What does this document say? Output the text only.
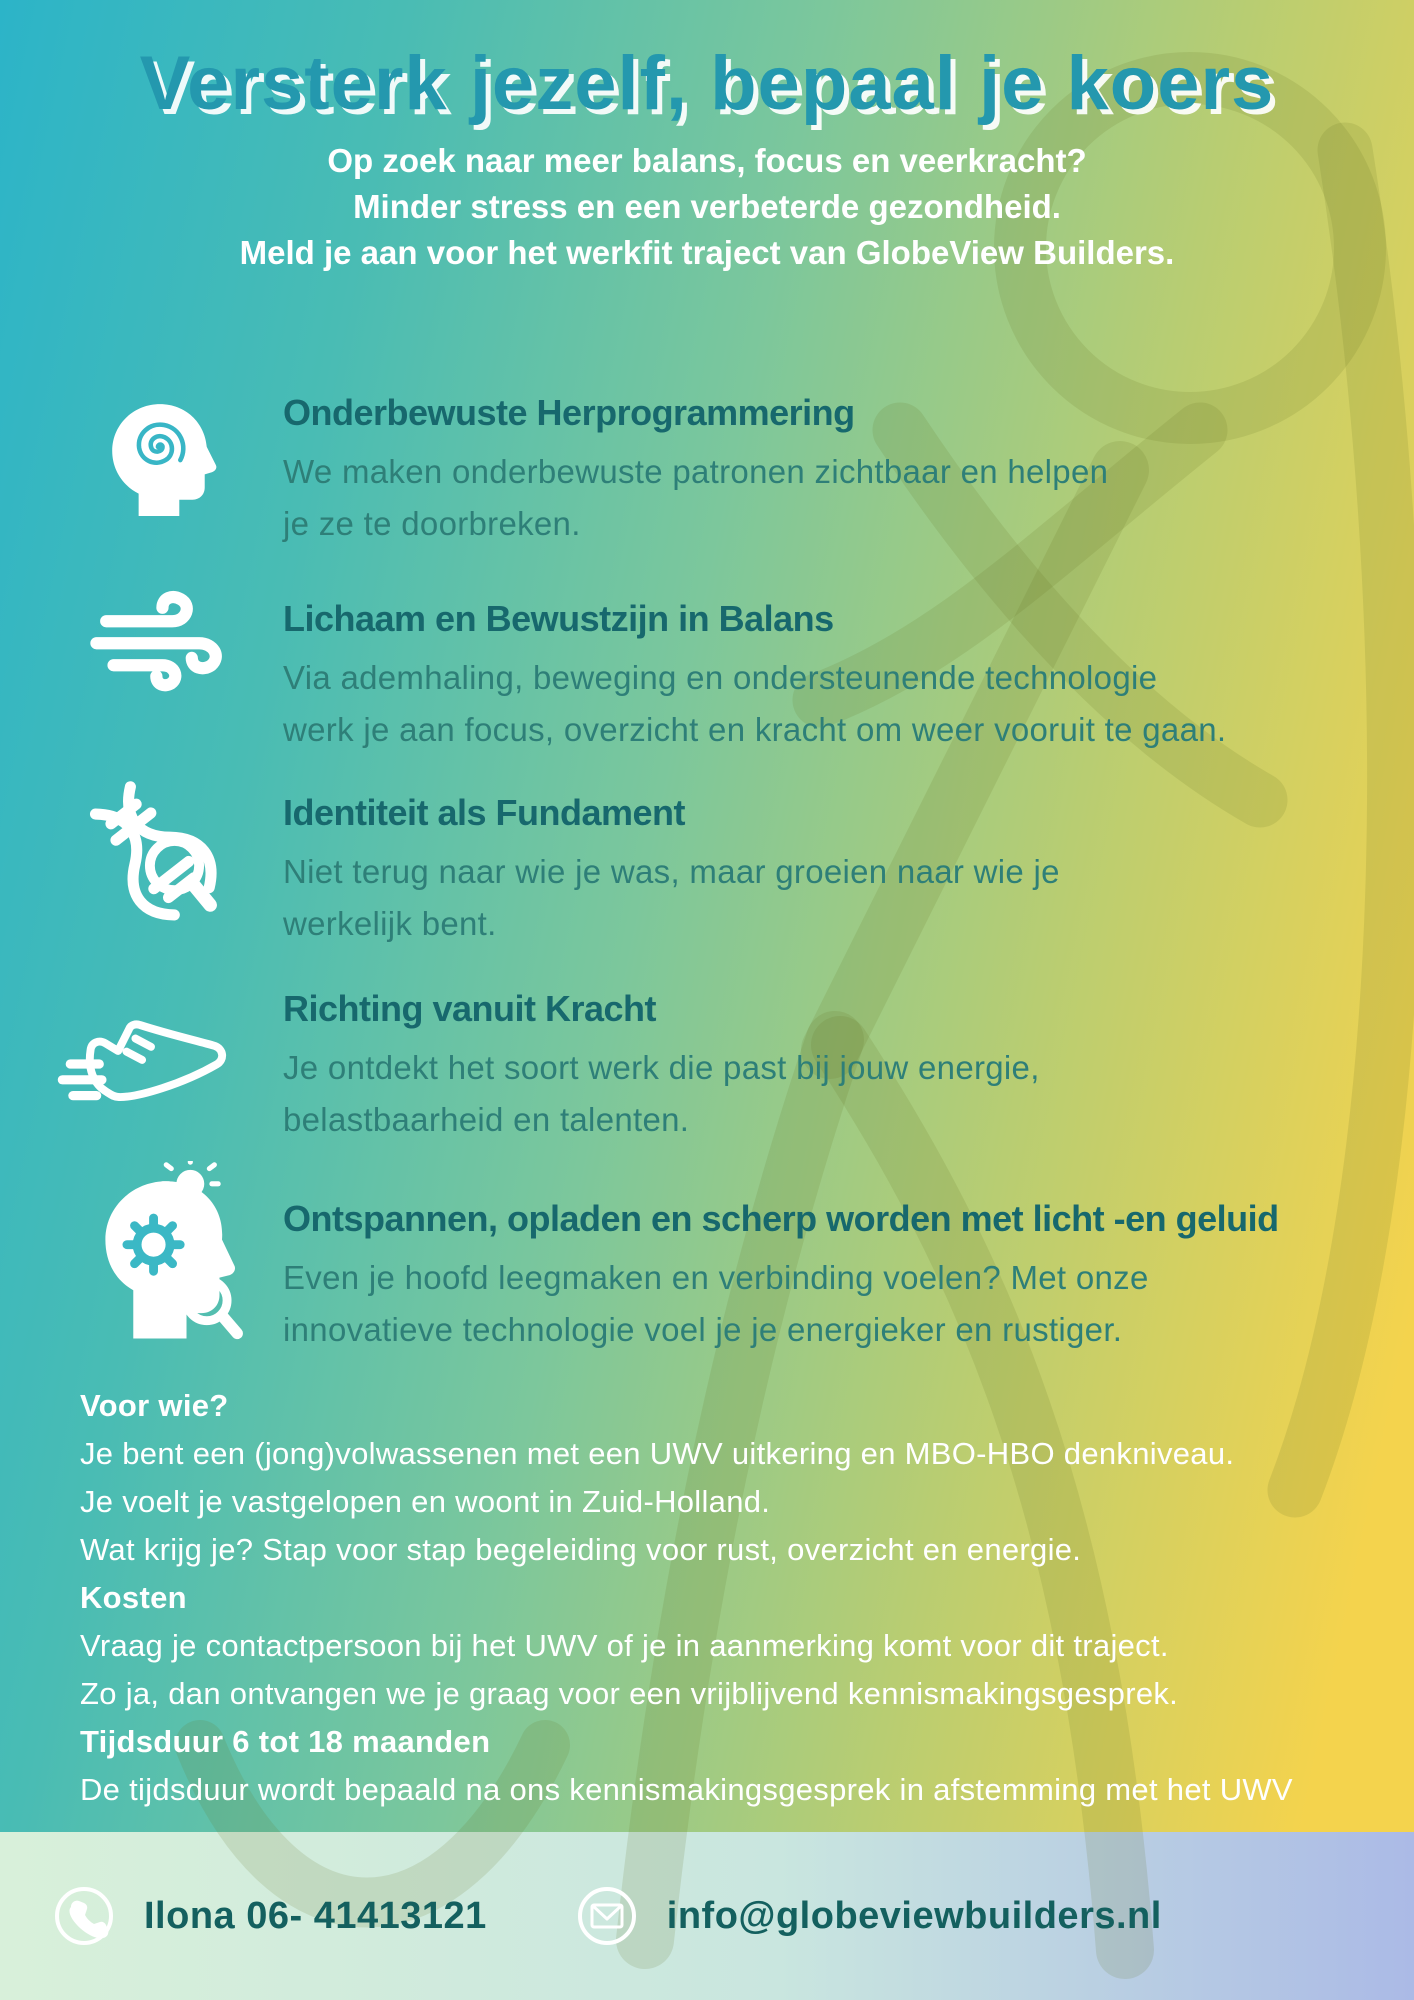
Versterk jezelf, bepaal je koers
Op zoek naar meer balans, focus en veerkracht?
Minder stress en een verbeterde gezondheid.
Meld je aan voor het werkfit traject van GlobeView Builders.
Onderbewuste Herprogrammering

We maken onderbewuste patronen zichtbaar en helpen

je ze te doorbreken.

Lichaam en Bewustzijn in Balans

Via ademhaling, beweging en ondersteunende technologie

werk je aan focus, overzicht en kracht om weer vooruit te gaan.

Identiteit als Fundament

Niet terug naar wie je was, maar groeien naar wie je

werkelijk bent.

Richting vanuit Kracht

Je ontdekt het soort werk die past bij jouw energie,

belastbaarheid en talenten.

Ontspannen, opladen en scherp worden met licht -en geluid

Even je hoofd leegmaken en verbinding voelen? Met onze

innovatieve technologie voel je je energieker en rustiger.

Voor wie?
Je bent een (jong)volwassenen met een UWV uitkering en MBO-HBO denkniveau.
Je voelt je vastgelopen en woont in Zuid-Holland.
Wat krijg je? Stap voor stap begeleiding voor rust, overzicht en energie.
Kosten
Vraag je contactpersoon bij het UWV of je in aanmerking komt voor dit traject.
Zo ja, dan ontvangen we je graag voor een vrijblijvend kennismakingsgesprek.
Tijdsduur 6 tot 18 maanden
De tijdsduur wordt bepaald na ons kennismakingsgesprek in afstemming met het UWV
Ilona 06- 41413121	info@globeviewbuilders.nl
